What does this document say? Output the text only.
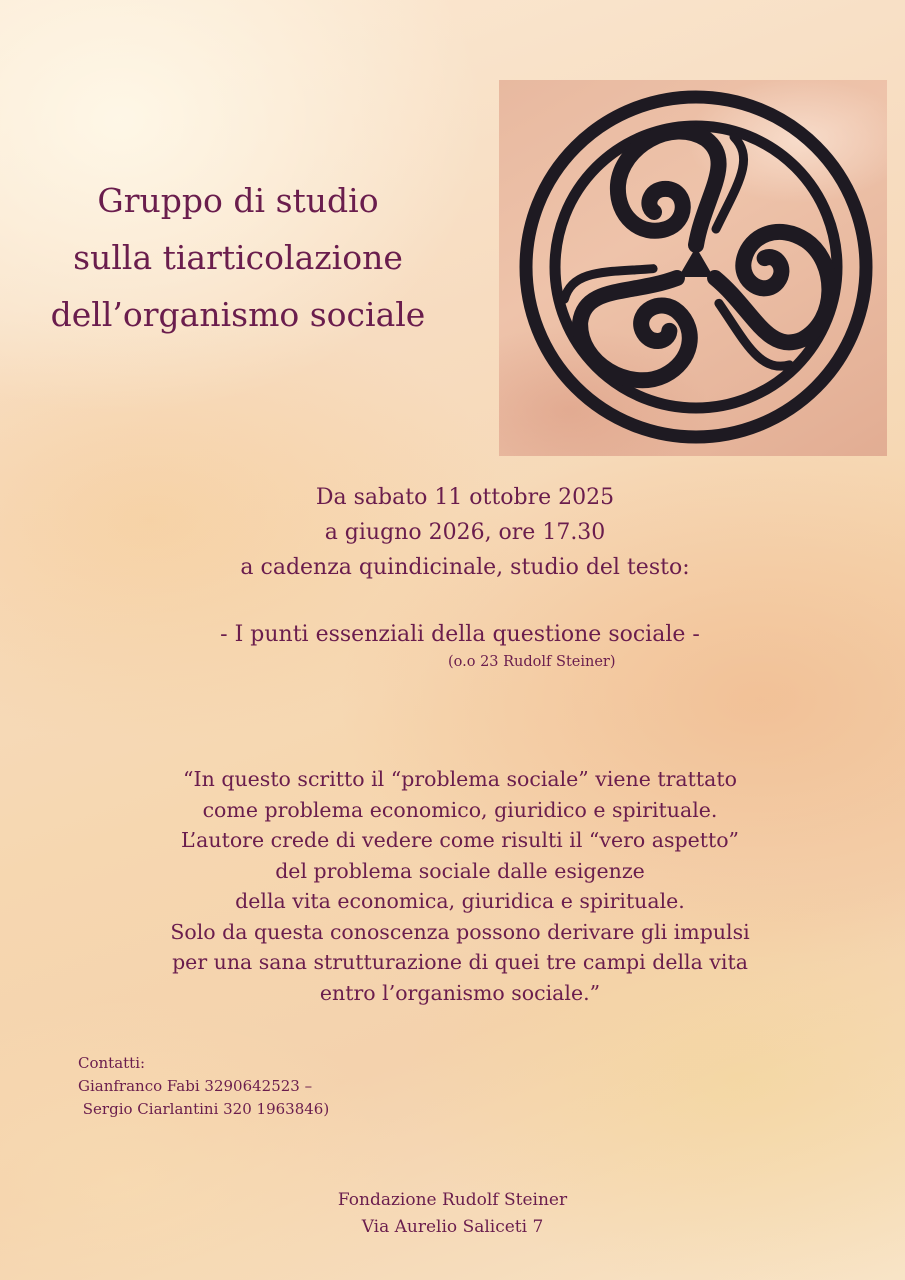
Gruppo di studio
sulla tiarticolazione
dell’organismo sociale
Da sabato 11 ottobre 2025
a giugno 2026, ore 17.30
a cadenza quindicinale, studio del testo:
- I punti essenziali della questione sociale -
(o.o 23 Rudolf Steiner)
“In questo scritto il “problema sociale” viene trattato
come problema economico, giuridico e spirituale.
L’autore crede di vedere come risulti il “vero aspetto”
del problema sociale dalle esigenze
della vita economica, giuridica e spirituale.
Solo da questa conoscenza possono derivare gli impulsi
per una sana strutturazione di quei tre campi della vita
entro l’organismo sociale.”
Contatti:
Gianfranco Fabi 3290642523 –
Sergio Ciarlantini 320 1963846)
Fondazione Rudolf Steiner
Via Aurelio Saliceti 7
